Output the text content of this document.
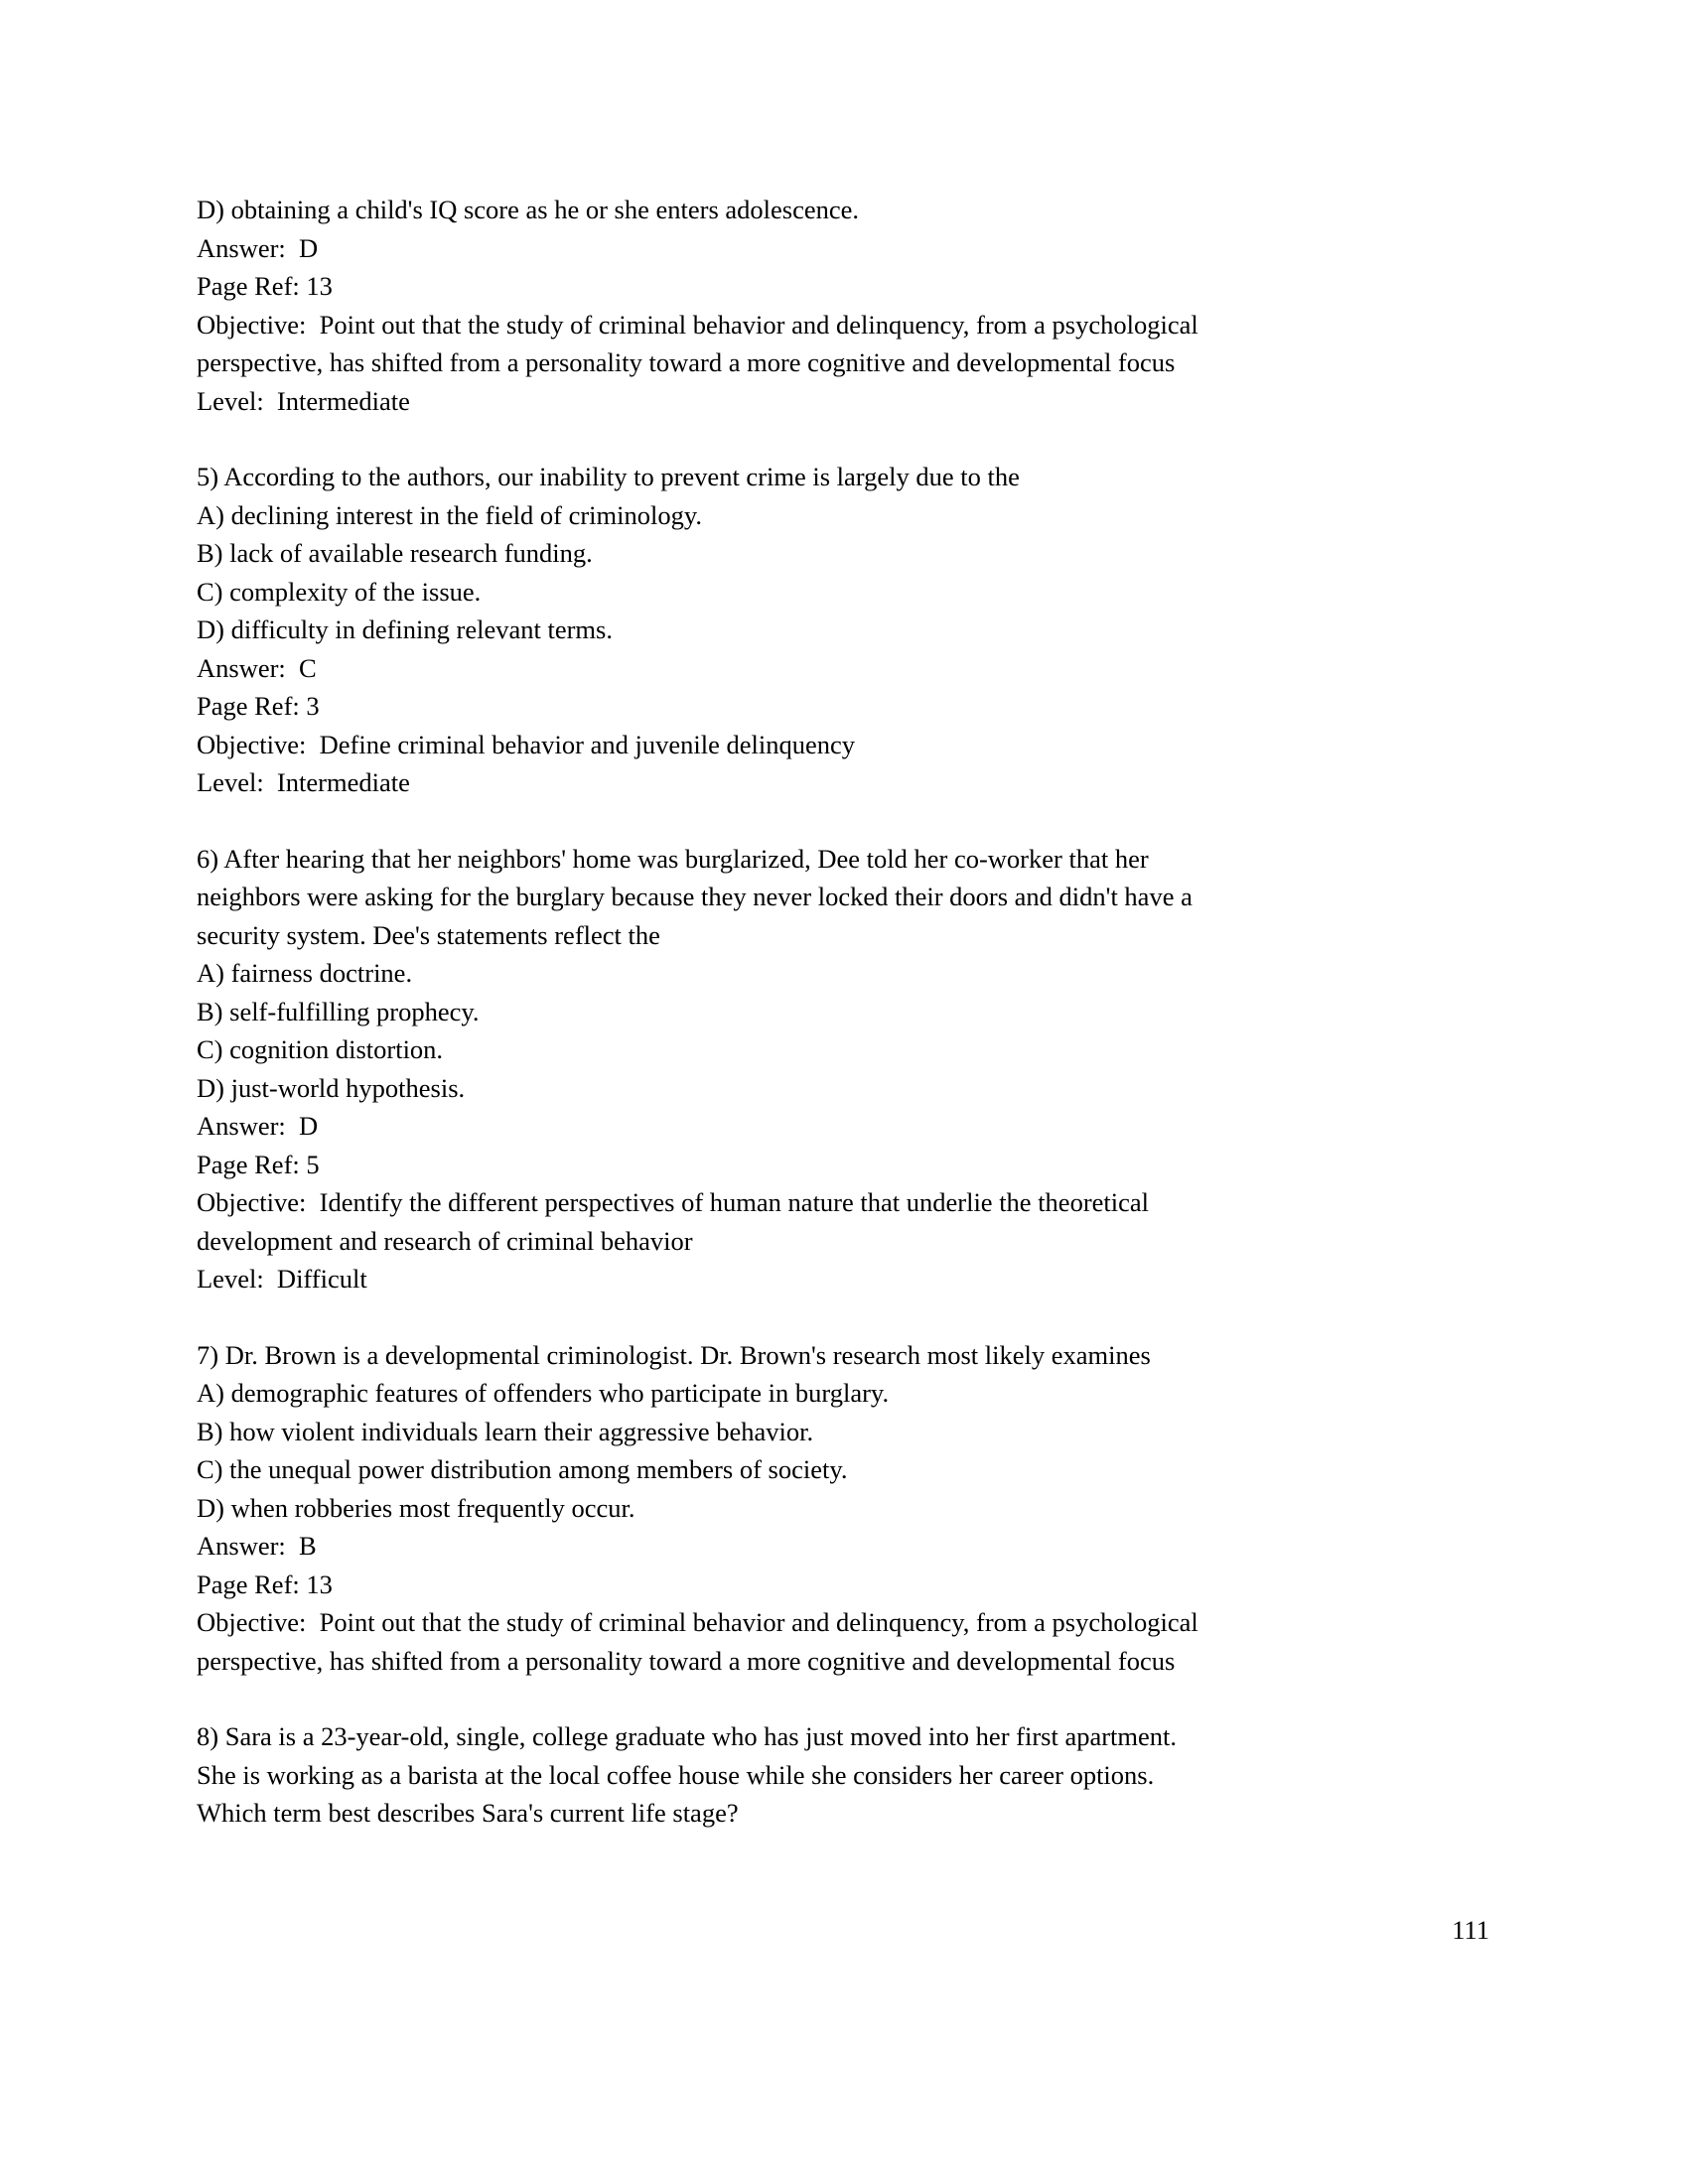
D) obtaining a child's IQ score as he or she enters adolescence.
Answer:  D
Page Ref: 13
Objective:  Point out that the study of criminal behavior and delinquency, from a psychological
perspective, has shifted from a personality toward a more cognitive and developmental focus
Level:  Intermediate
5) According to the authors, our inability to prevent crime is largely due to the
A) declining interest in the field of criminology.
B) lack of available research funding.
C) complexity of the issue.
D) difficulty in defining relevant terms.
Answer:  C
Page Ref: 3
Objective:  Define criminal behavior and juvenile delinquency
Level:  Intermediate
6) After hearing that her neighbors' home was burglarized, Dee told her co-worker that her
neighbors were asking for the burglary because they never locked their doors and didn't have a
security system. Dee's statements reflect the
A) fairness doctrine.
B) self-fulfilling prophecy.
C) cognition distortion.
D) just-world hypothesis.
Answer:  D
Page Ref: 5
Objective:  Identify the different perspectives of human nature that underlie the theoretical
development and research of criminal behavior
Level:  Difficult
7) Dr. Brown is a developmental criminologist. Dr. Brown's research most likely examines
A) demographic features of offenders who participate in burglary.
B) how violent individuals learn their aggressive behavior.
C) the unequal power distribution among members of society.
D) when robberies most frequently occur.
Answer:  B
Page Ref: 13
Objective:  Point out that the study of criminal behavior and delinquency, from a psychological
perspective, has shifted from a personality toward a more cognitive and developmental focus
8) Sara is a 23-year-old, single, college graduate who has just moved into her first apartment.
She is working as a barista at the local coffee house while she considers her career options.
Which term best describes Sara's current life stage?
111
